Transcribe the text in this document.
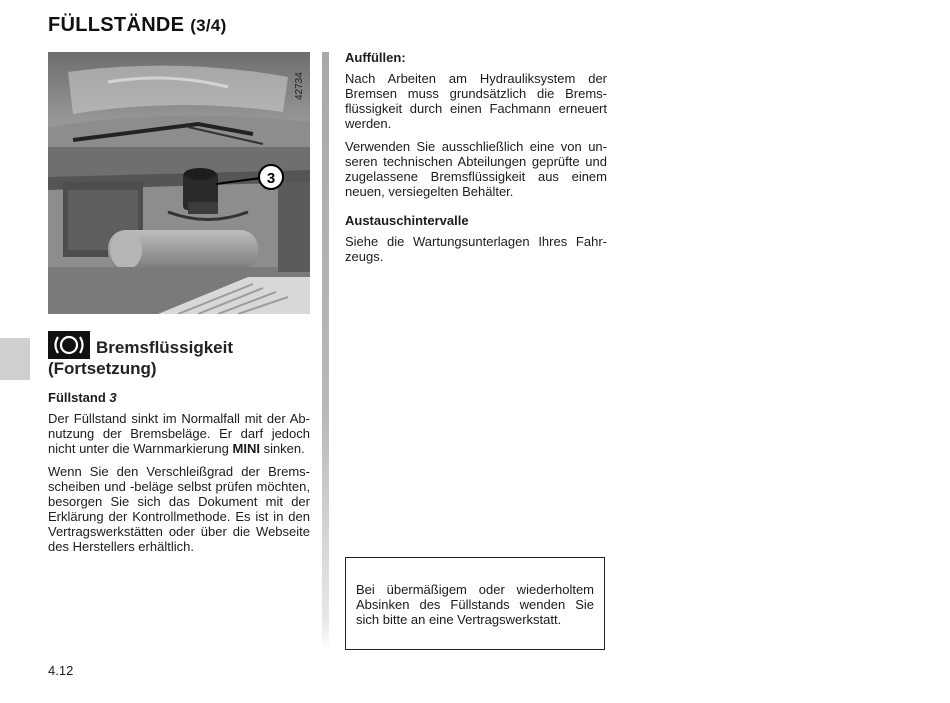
FÜLLSTÄNDE (3/4)
3
42734
Bremsflüssigkeit
(Fortsetzung)
Füllstand 3

Der Füllstand sinkt im Normalfall mit der Abnutzung der Bremsbeläge. Er darf jedoch nicht unter die Warnmarkierung MINI sinken.

Wenn Sie den Verschleißgrad der Bremsscheiben und -beläge selbst prüfen möchten, besorgen Sie sich das Dokument mit der Erklärung der Kontrollmethode. Es ist in den Vertragswerkstätten oder über die Webseite des Herstellers erhältlich.

Auffüllen:

Nach Arbeiten am Hydrauliksystem der Bremsen muss grundsätzlich die Bremsflüssigkeit durch einen Fachmann erneuert werden.

Verwenden Sie ausschließlich eine von unseren technischen Abteilungen geprüfte und zugelassene Bremsflüssigkeit aus einem neuen, versiegelten Behälter.

Austauschintervalle

Siehe die Wartungsunterlagen Ihres Fahrzeugs.

Bei übermäßigem oder wiederholtem Absinken des Füllstands wenden Sie sich bitte an eine Vertragswerkstatt.
4.12
